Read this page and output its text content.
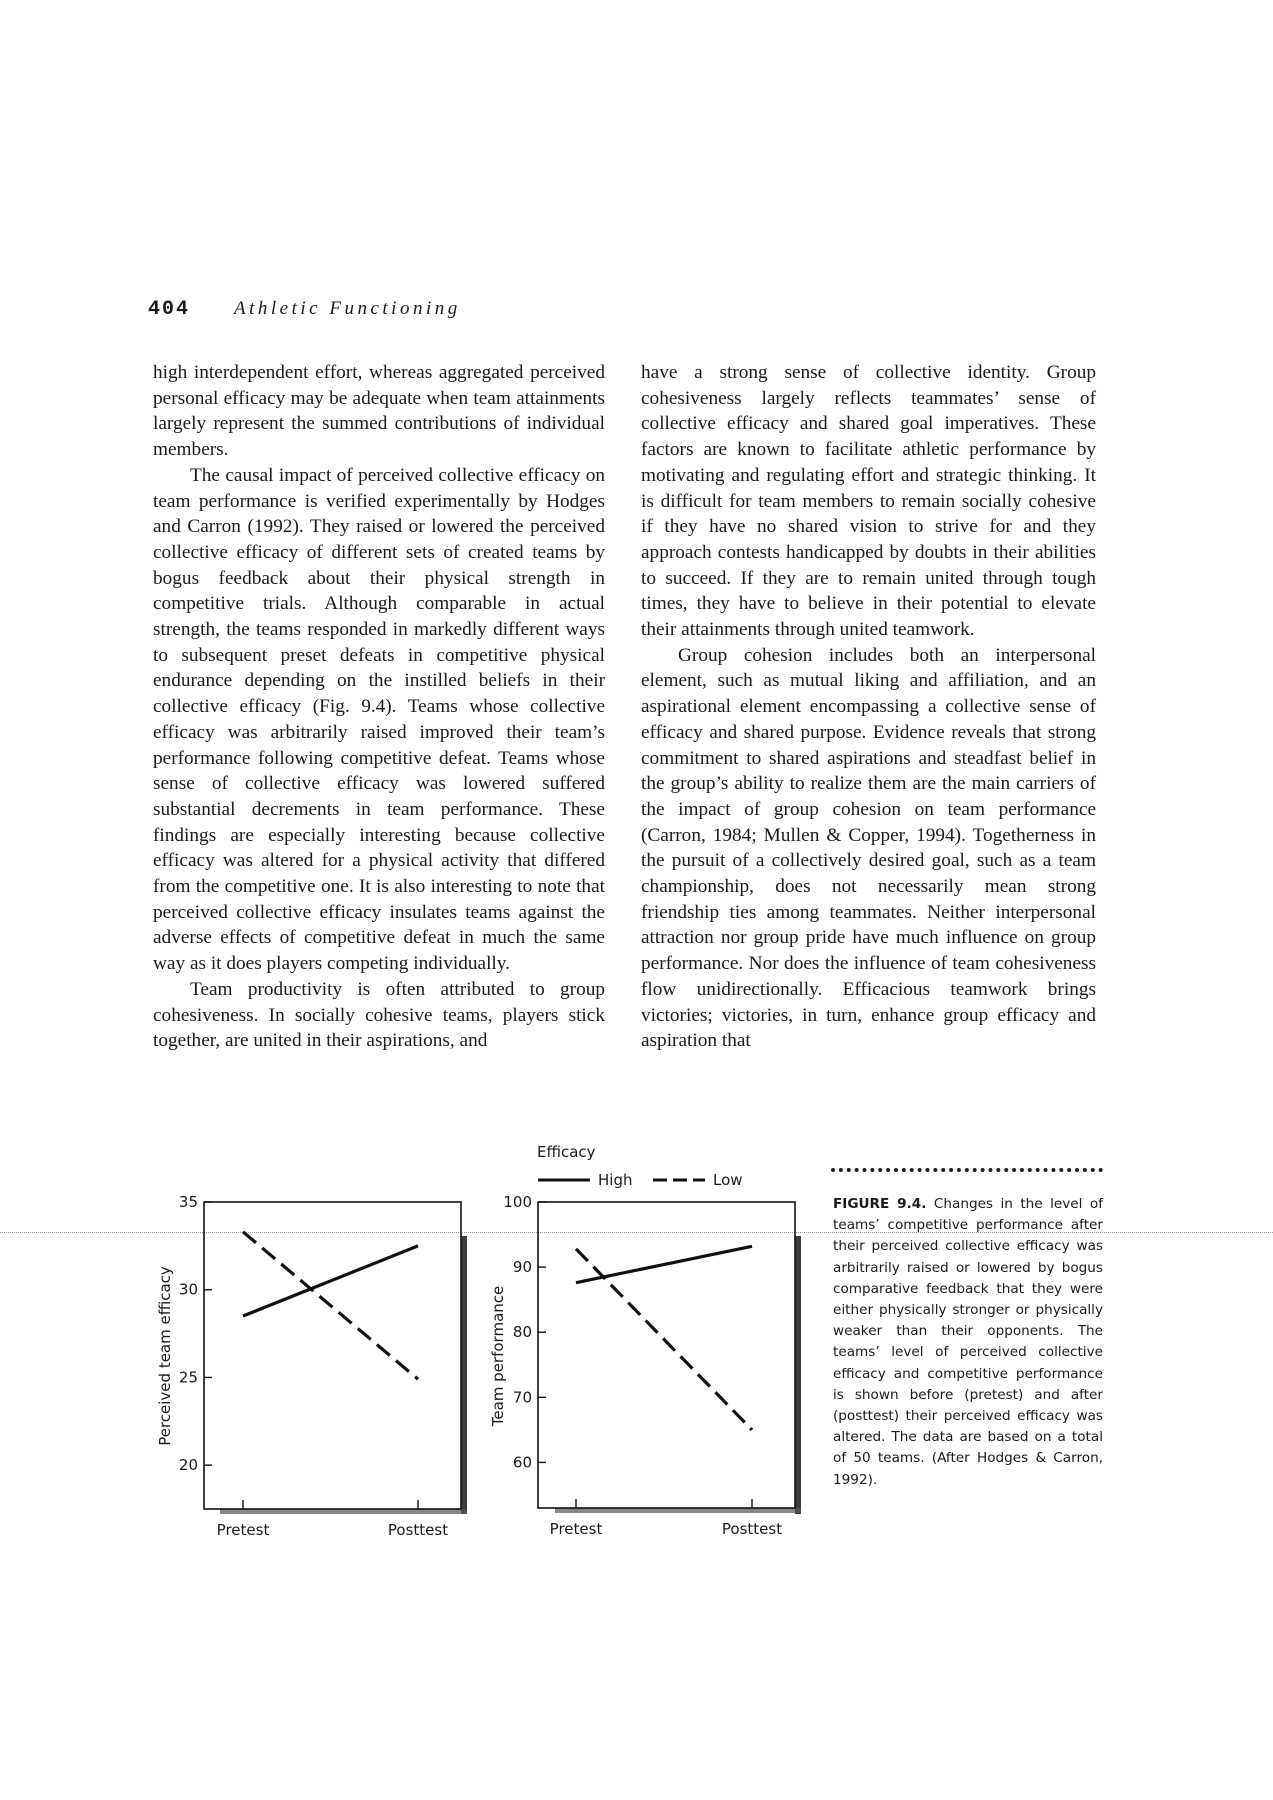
404 Athletic Functioning

high interdependent effort, whereas aggregated perceived personal efficacy may be adequate when team attainments largely represent the summed contributions of individual members.

The causal impact of perceived collective efficacy on team performance is verified experimentally by Hodges and Carron (1992). They raised or lowered the perceived collective efficacy of different sets of created teams by bogus feedback about their physical strength in competitive trials. Although comparable in actual strength, the teams responded in markedly different ways to subsequent preset defeats in competitive physical endurance depending on the instilled beliefs in their collective efficacy (Fig. 9.4). Teams whose collective efficacy was arbitrarily raised improved their team’s performance following competitive defeat. Teams whose sense of collective efficacy was lowered suffered substantial decrements in team performance. These findings are especially interesting because collective efficacy was altered for a physical activity that differed from the competitive one. It is also interesting to note that perceived collective efficacy insulates teams against the adverse effects of competitive defeat in much the same way as it does players competing individually.

Team productivity is often attributed to group cohesiveness. In socially cohesive teams, players stick together, are united in their aspirations, and

have a strong sense of collective identity. Group cohesiveness largely reflects teammates’ sense of collective efficacy and shared goal imperatives. These factors are known to facilitate athletic performance by motivating and regulating effort and strategic thinking. It is difficult for team members to remain socially cohesive if they have no shared vision to strive for and they approach contests handicapped by doubts in their abilities to succeed. If they are to remain united through tough times, they have to believe in their potential to elevate their attainments through united teamwork.

Group cohesion includes both an interpersonal element, such as mutual liking and affiliation, and an aspirational element encompassing a collective sense of efficacy and shared purpose. Evidence reveals that strong commitment to shared aspirations and steadfast belief in the group’s ability to realize them are the main carriers of the impact of group cohesion on team performance (Carron, 1984; Mullen & Copper, 1994). Togetherness in the pursuit of a collectively desired goal, such as a team championship, does not necessarily mean strong friendship ties among teammates. Neither interpersonal attraction nor group pride have much influence on group performance. Nor does the influence of team cohesiveness flow unidirectionally. Efficacious teamwork brings victories; victories, in turn, enhance group efficacy and aspiration that

Efficacy
High	Low
Perceived team efficacy
20
25
30
35
Pretest	Posttest
Team performance
60
70
80
90
100
Pretest	Posttest
FIGURE 9.4. Changes in the level of teams’ competitive performance after their perceived collective efficacy was arbitrarily raised or lowered by bogus comparative feedback that they were either physically stronger or physically weaker than their opponents. The teams’ level of perceived collective efficacy and competitive performance is shown before (pretest) and after (posttest) their perceived efficacy was altered. The data are based on a total of 50 teams. (After Hodges & Carron, 1992).
